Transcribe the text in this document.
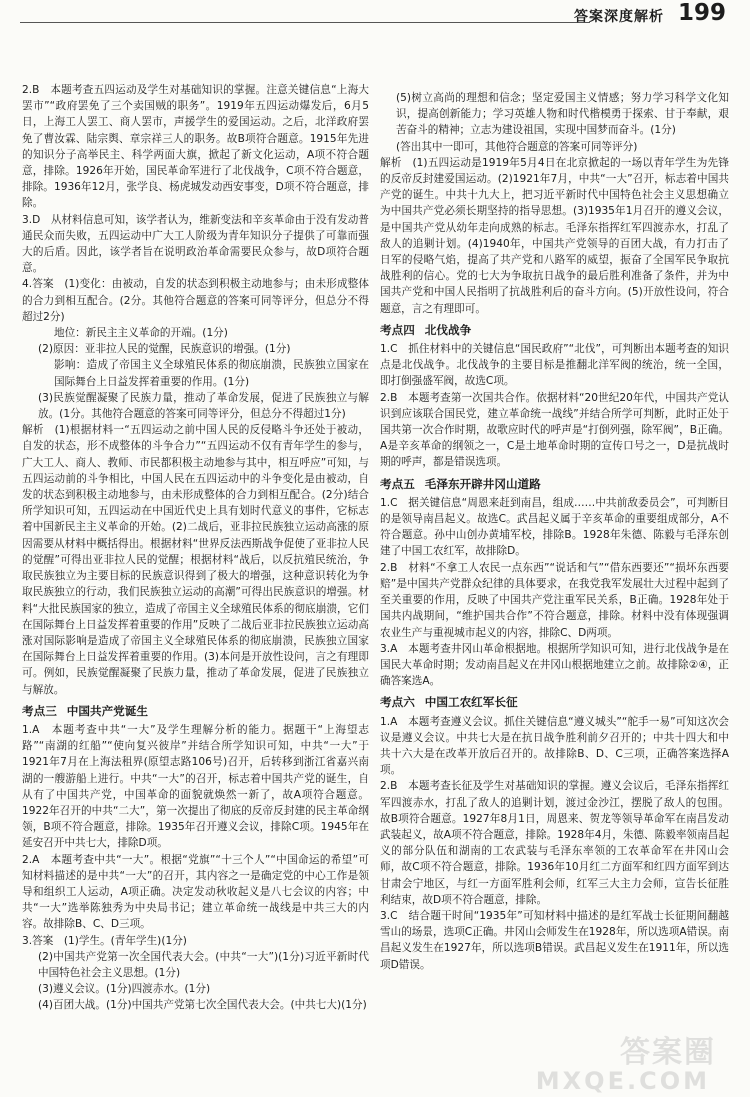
答案深度解析 199
2.B　本题考查五四运动及学生对基础知识的掌握。注意关键信息“上海大罢市”“政府罢免了三个卖国贼的职务”。1919年五四运动爆发后，6月5日，上海工人罢工、商人罢市，声援学生的爱国运动。之后，北洋政府罢免了曹汝霖、陆宗舆、章宗祥三人的职务。故B项符合题意。1915年先进的知识分子高举民主、科学两面大旗，掀起了新文化运动，A项不符合题意，排除。1926年开始，国民革命军进行了北伐战争，C项不符合题意，排除。1936年12月，张学良、杨虎城发动西安事变，D项不符合题意，排除。
3.D　从材料信息可知，该学者认为，维新变法和辛亥革命由于没有发动普通民众而失败，五四运动中广大工人阶级为青年知识分子提供了可靠而强大的后盾。因此，该学者旨在说明政治革命需要民众参与，故D项符合题意。
4.答案　(1)变化：由被动，自发的状态到积极主动地参与；由未形成整体的合力到相互配合。(2分。其他符合题意的答案可同等评分，但总分不得超过2分)
地位：新民主主义革命的开端。(1分)
(2)原因：亚非拉人民的觉醒，民族意识的增强。(1分)
影响：造成了帝国主义全球殖民体系的彻底崩溃，民族独立国家在国际舞台上日益发挥着重要的作用。(1分)
(3)民族觉醒凝聚了民族力量，推动了革命发展，促进了民族独立与解放。(1分。其他符合题意的答案可同等评分，但总分不得超过1分)
解析　(1)根据材料一“五四运动之前中国人民的反侵略斗争还处于被动，自发的状态，形不成整体的斗争合力”“五四运动不仅有青年学生的参与，广大工人、商人、教师、市民都积极主动地参与其中，相互呼应”可知，与五四运动前的斗争相比，中国人民在五四运动中的斗争变化是由被动，自发的状态到积极主动地参与，由未形成整体的合力到相互配合。(2分)结合所学知识可知，五四运动在中国近代史上具有划时代意义的事件，它标志着中国新民主主义革命的开始。(2)二战后，亚非拉民族独立运动高涨的原因需要从材料中概括得出。根据材料“世界反法西斯战争促使了亚非拉人民的觉醒”可得出亚非拉人民的觉醒；根据材料“战后，以反抗殖民统治，争取民族独立为主要目标的民族意识得到了极大的增强，这种意识转化为争取民族独立的行动，我们民族独立运动的高潮”可得出民族意识的增强。材料“大批民族国家的独立，造成了帝国主义全球殖民体系的彻底崩溃，它们在国际舞台上日益发挥着重要的作用”反映了二战后亚非拉民族独立运动高涨对国际影响是造成了帝国主义全球殖民体系的彻底崩溃，民族独立国家在国际舞台上日益发挥着重要的作用。(3)本问是开放性设问，言之有理即可。例如，民族觉醒凝聚了民族力量，推动了革命发展，促进了民族独立与解放。
考点三 中国共产党诞生
1.A　本题考查中共“一大”及学生理解分析的能力。据题干“上海望志路”“南湖的红船”“使向复兴彼岸”并结合所学知识可知，中共“一大”于1921年7月在上海法租界(原望志路106号)召开，后转移到浙江省嘉兴南湖的一艘游船上进行。中共“一大”的召开，标志着中国共产党的诞生，自从有了中国共产党，中国革命的面貌就焕然一新了，故A项符合题意。1922年召开的中共“二大”，第一次提出了彻底的反帝反封建的民主革命纲领，B项不符合题意，排除。1935年召开遵义会议，排除C项。1945年在延安召开中共七大，排除D项。
2.A　本题考查中共“一大”。根据“党旗”“十三个人”“中国命运的希望”可知材料描述的是中共“一大”的召开，其内容之一是确定党的中心工作是领导和组织工人运动，A项正确。决定发动秋收起义是八七会议的内容；中共“一大”选举陈独秀为中央局书记；建立革命统一战线是中共三大的内容。故排除B、C、D三项。
3.答案　(1)学生。(青年学生)(1分)
(2)中国共产党第一次全国代表大会。(中共“一大”)(1分)习近平新时代中国特色社会主义思想。(1分)
(3)遵义会议。(1分)四渡赤水。(1分)
(4)百团大战。(1分)中国共产党第七次全国代表大会。(中共七大)(1分)
(5)树立高尚的理想和信念；坚定爱国主义情感；努力学习科学文化知识，提高创新能力；学习英雄人物和时代楷模勇于探索、甘于奉献，艰苦奋斗的精神；立志为建设祖国，实现中国梦而奋斗。(1分)
(答出其中一即可，其他符合题意的答案可同等评分)
解析　(1)五四运动是1919年5月4日在北京掀起的一场以青年学生为先锋的反帝反封建爱国运动。(2)1921年7月，中共“一大”召开，标志着中国共产党的诞生。中共十九大上，把习近平新时代中国特色社会主义思想确立为中国共产党必须长期坚持的指导思想。(3)1935年1月召开的遵义会议，是中国共产党从幼年走向成熟的标志。毛泽东指挥红军四渡赤水，打乱了敌人的追剿计划。(4)1940年，中国共产党领导的百团大战，有力打击了日军的侵略气焰，提高了共产党和八路军的威望，振奋了全国军民争取抗战胜利的信心。党的七大为争取抗日战争的最后胜利准备了条件，并为中国共产党和中国人民指明了抗战胜利后的奋斗方向。(5)开放性设问，符合题意，言之有理即可。
考点四 北伐战争
1.C　抓住材料中的关键信息“国民政府”“北伐”，可判断出本题考查的知识点是北伐战争。北伐战争的主要目标是推翻北洋军阀的统治，统一全国，即打倒强盛军阀，故选C项。
2.B　本题考查第一次国共合作。依据材料“20世纪20年代，中国共产党认识到应该联合国民党，建立革命统一战线”并结合所学可判断，此时正处于国共第一次合作时期，故歌应时代的呼声是“打倒列强，除军阀”，B正确。A是辛亥革命的纲领之一，C是土地革命时期的宣传口号之一，D是抗战时期的呼声，都是错误选项。
考点五 毛泽东开辟井冈山道路
1.C　据关键信息“周恩来赶到南昌，组成……中共前敌委员会”，可判断目的是领导南昌起义。故选C。武昌起义属于辛亥革命的重要组成部分，A不符合题意。孙中山创办黄埔军校，排除B。1928年朱德、陈毅与毛泽东创建了中国工农红军，故排除D。
2.B　材料“不拿工人农民一点东西”“说话和气”“借东西要还”“损坏东西要赔”是中国共产党群众纪律的具体要求，在我党我军发展壮大过程中起到了至关重要的作用，反映了中国共产党注重军民关系，B正确。1928年处于国共内战期间，“维护国共合作”不符合题意，排除。材料中没有体现强调农业生产与重视城市起义的内容，排除C、D两项。
3.A　本题考查井冈山革命根据地。根据所学知识可知，进行北伐战争是在国民大革命时期；发动南昌起义在井冈山根据地建立之前。故排除②④，正确答案选A。
考点六 中国工农红军长征
1.A　本题考查遵义会议。抓住关键信息“遵义城头”“舵手一易”可知这次会议是遵义会议。中共七大是在抗日战争胜利前夕召开的；中共十四大和中共十六大是在改革开放后召开的。故排除B、D、C三项，正确答案选择A项。
2.B　本题考查长征及学生对基础知识的掌握。遵义会议后，毛泽东指挥红军四渡赤水，打乱了敌人的追剿计划，渡过金沙江，摆脱了敌人的包围。故B项符合题意。1927年8月1日，周恩来、贺龙等领导革命军在南昌发动武装起义，故A项不符合题意，排除。1928年4月，朱德、陈毅率领南昌起义的部分队伍和湖南的工农武装与毛泽东率领的工农革命军在井冈山会师，故C项不符合题意，排除。1936年10月红二方面军和红四方面军到达甘肃会宁地区，与红一方面军胜利会师，红军三大主力会师，宣告长征胜利结束，故D项不符合题意，排除。
3.C　结合题干时间“1935年”可知材料中描述的是红军战士长征期间翻越雪山的场景，选项C正确。井冈山会师发生在1928年，所以选项A错误。南昌起义发生在1927年，所以选项B错误。武昌起义发生在1911年，所以选项D错误。
答案圈
MXQE.COM
